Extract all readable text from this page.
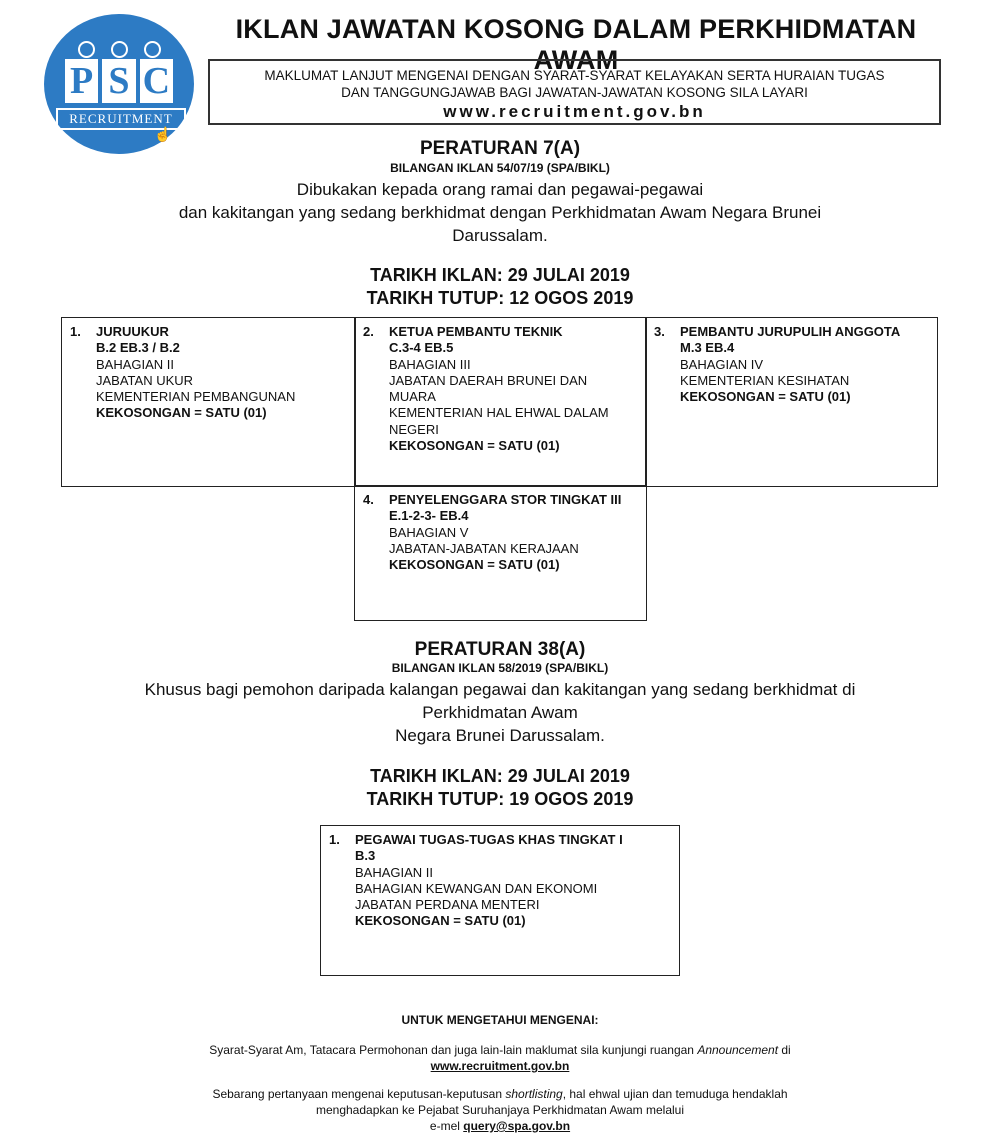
P S C
RECRUITMENT
☝
IKLAN JAWATAN KOSONG DALAM PERKHIDMATAN AWAM
MAKLUMAT LANJUT MENGENAI DENGAN SYARAT-SYARAT KELAYAKAN SERTA HURAIAN TUGAS
DAN TANGGUNGJAWAB BAGI JAWATAN-JAWATAN KOSONG SILA LAYARI
www.recruitment.gov.bn
PERATURAN 7(A)
BILANGAN IKLAN 54/07/19 (SPA/BIKL)
Dibukakan kepada orang ramai dan pegawai-pegawai
dan kakitangan yang sedang berkhidmat dengan Perkhidmatan Awam Negara Brunei
Darussalam.
TARIKH IKLAN: 29 JULAI 2019
TARIKH TUTUP: 12 OGOS 2019
1.	JURUUKUR
B.2 EB.3 / B.2
BAHAGIAN II
JABATAN UKUR
KEMENTERIAN PEMBANGUNAN
KEKOSONGAN = SATU (01)
2.	KETUA PEMBANTU TEKNIK
C.3-4 EB.5
BAHAGIAN III
JABATAN DAERAH BRUNEI DAN
MUARA
KEMENTERIAN HAL EHWAL DALAM
NEGERI
KEKOSONGAN = SATU (01)
3.	PEMBANTU JURUPULIH ANGGOTA
M.3 EB.4
BAHAGIAN IV
KEMENTERIAN KESIHATAN
KEKOSONGAN = SATU (01)
4.	PENYELENGGARA STOR TINGKAT III
E.1-2-3- EB.4
BAHAGIAN V
JABATAN-JABATAN KERAJAAN
KEKOSONGAN = SATU (01)
PERATURAN 38(A)
BILANGAN IKLAN 58/2019 (SPA/BIKL)
Khusus bagi pemohon daripada kalangan pegawai dan kakitangan yang sedang berkhidmat di
Perkhidmatan Awam
Negara Brunei Darussalam.
TARIKH IKLAN: 29 JULAI 2019
TARIKH TUTUP: 19 OGOS 2019
1.	PEGAWAI TUGAS-TUGAS KHAS TINGKAT I
B.3
BAHAGIAN II
BAHAGIAN KEWANGAN DAN EKONOMI
JABATAN PERDANA MENTERI
KEKOSONGAN = SATU (01)
UNTUK MENGETAHUI MENGENAI:
Syarat-Syarat Am, Tatacara Permohonan dan juga lain-lain maklumat sila kunjungi ruangan Announcement di
www.recruitment.gov.bn
Sebarang pertanyaan mengenai keputusan-keputusan shortlisting, hal ehwal ujian dan temuduga hendaklah
menghadapkan ke Pejabat Suruhanjaya Perkhidmatan Awam melalui
e-mel query@spa.gov.bn
